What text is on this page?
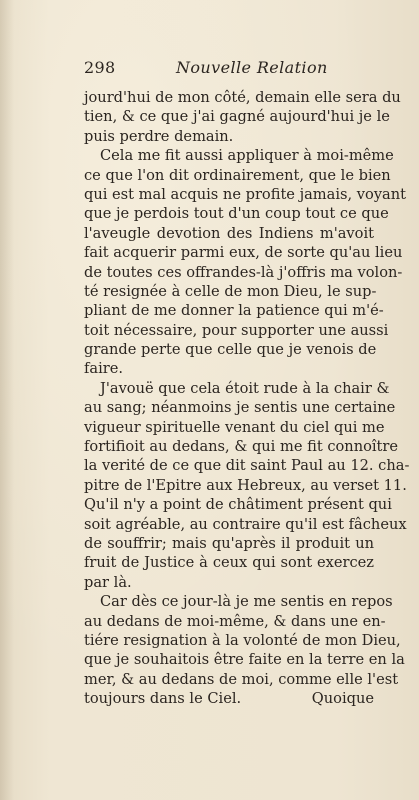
298	Nouvelle Relation
jourd'hui de mon côté, demain elle sera du
tien, & ce que j'ai gagné aujourd'hui je le
puis perdre demain.
Cela me fit aussi appliquer à moi-même
ce que l'on dit ordinairement, que le bien
qui est mal acquis ne profite jamais, voyant
que je perdois tout d'un coup tout ce que
l'aveugle devotion des Indiens m'avoit
fait acquerir parmi eux, de sorte qu'au lieu
de toutes ces offrandes-là j'offris ma volon-
té resignée à celle de mon Dieu, le sup-
pliant de me donner la patience qui m'é-
toit nécessaire, pour supporter une aussi
grande perte que celle que je venois de
faire.
J'avouë que cela étoit rude à la chair &
au sang; néanmoins je sentis une certaine
vigueur spirituelle venant du ciel qui me
fortifioit au dedans, & qui me fit connoître
la verité de ce que dit saint Paul au 12. cha-
pitre de l'Epitre aux Hebreux, au verset 11.
Qu'il n'y a point de châtiment présent qui
soit agréable, au contraire qu'il est fâcheux
de souffrir; mais qu'après il produit un
fruit de Justice à ceux qui sont exercez
par là.
Car dès ce jour-là je me sentis en repos
au dedans de moi-même, & dans une en-
tiére resignation à la volonté de mon Dieu,
que je souhaitois être faite en la terre en la
mer, & au dedans de moi, comme elle l'est
toujours dans le Ciel.	Quoique
